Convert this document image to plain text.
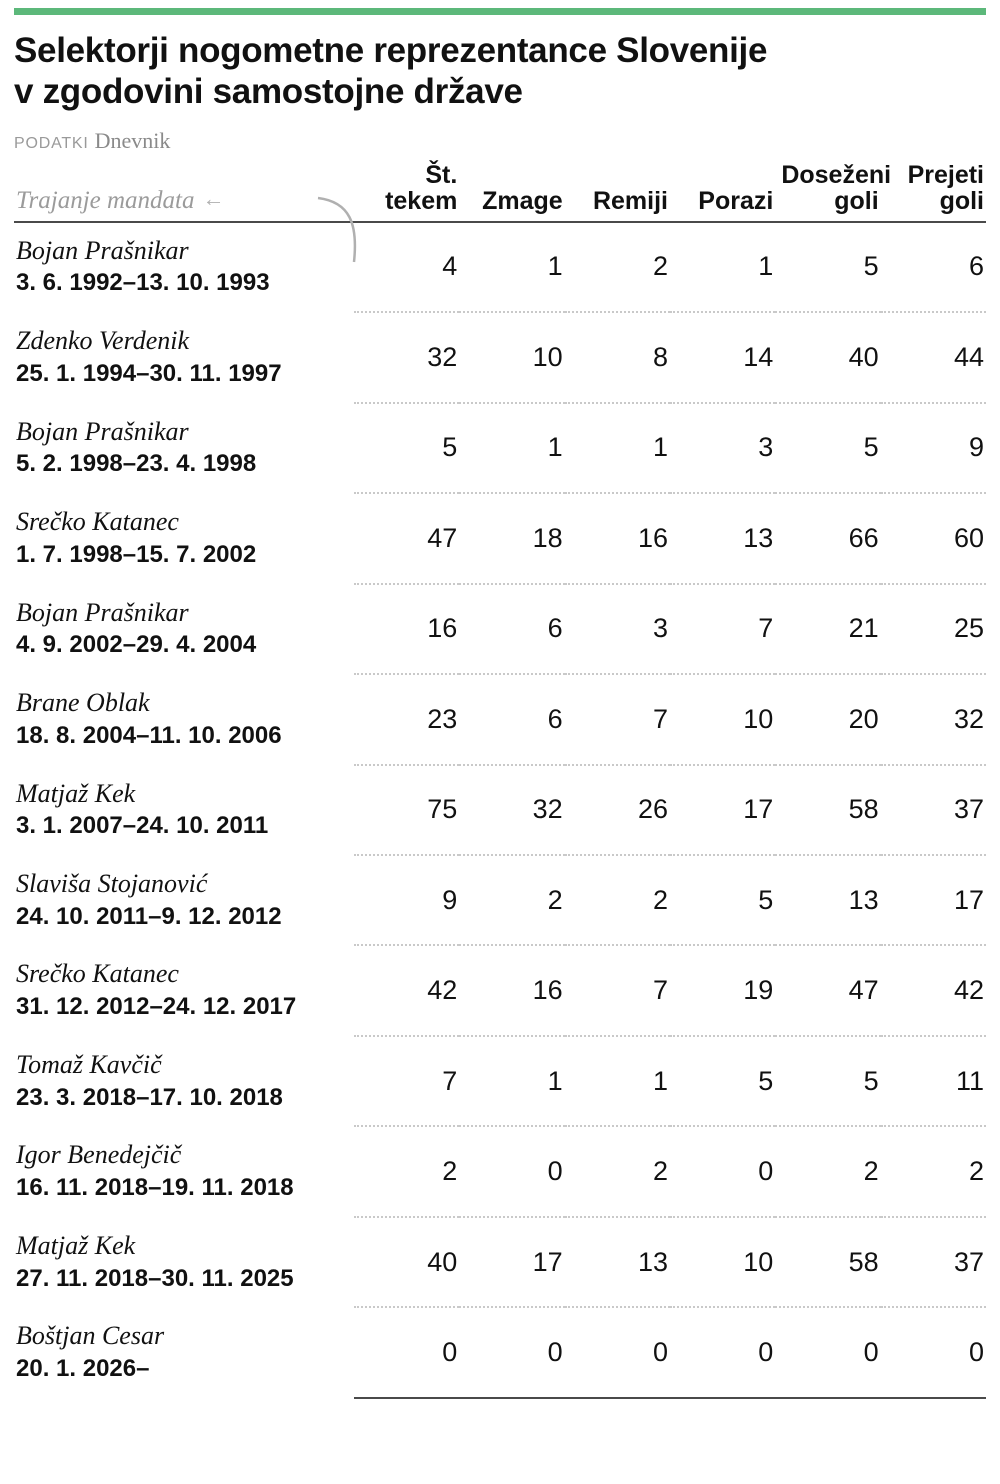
Selektorji nogometne reprezentance Slovenije
v zgodovini samostojne države

PODATKI Dnevnik

Trajanje mandata ←	Št.
tekem	Zmage	Remiji	Porazi	Doseženi
goli	Prejeti
goli

Bojan Prašnikar
3. 6. 1992–13. 10. 1993	4	1	2	1	5	6

Zdenko Verdenik
25. 1. 1994–30. 11. 1997	32	10	8	14	40	44

Bojan Prašnikar
5. 2. 1998–23. 4. 1998	5	1	1	3	5	9

Srečko Katanec
1. 7. 1998–15. 7. 2002	47	18	16	13	66	60

Bojan Prašnikar
4. 9. 2002–29. 4. 2004	16	6	3	7	21	25

Brane Oblak
18. 8. 2004–11. 10. 2006	23	6	7	10	20	32

Matjaž Kek
3. 1. 2007–24. 10. 2011	75	32	26	17	58	37

Slaviša Stojanović
24. 10. 2011–9. 12. 2012	9	2	2	5	13	17

Srečko Katanec
31. 12. 2012–24. 12. 2017	42	16	7	19	47	42

Tomaž Kavčič
23. 3. 2018–17. 10. 2018	7	1	1	5	5	11

Igor Benedejčič
16. 11. 2018–19. 11. 2018	2	0	2	0	2	2

Matjaž Kek
27. 11. 2018–30. 11. 2025	40	17	13	10	58	37

Boštjan Cesar
20. 1. 2026–	0	0	0	0	0	0
